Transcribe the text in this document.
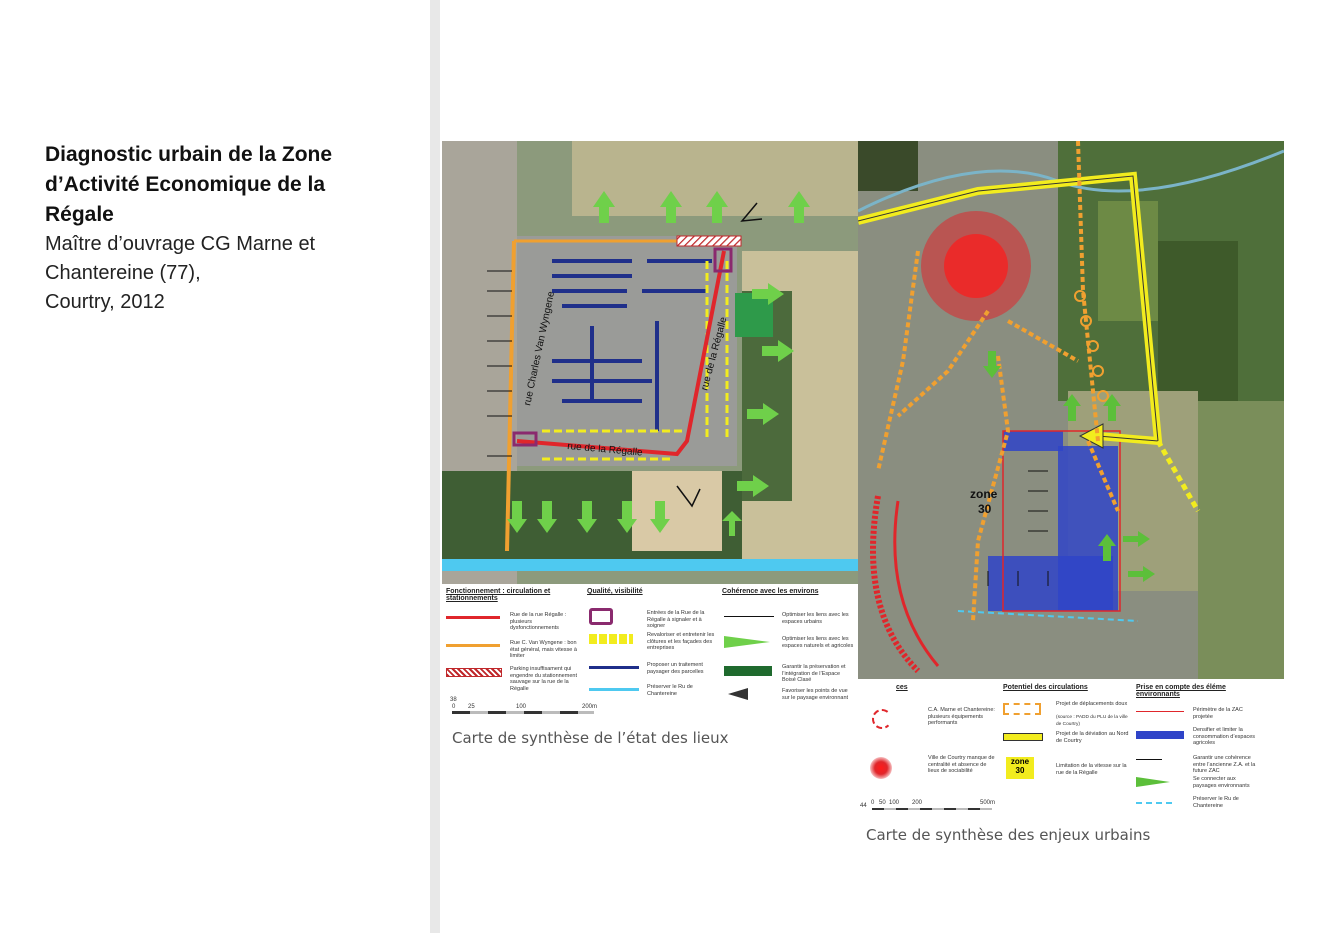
Diagnostic urbain de la Zone
d’Activité Economique de la
Régale
Maître d’ouvrage CG Marne et
Chantereine (77),
Courtry, 2012
rue de la Régalle
rue de la Régalle
rue Charles Van Wyngene
Fonctionnement : circulation et stationnements
Qualité, visibilité	Cohérence avec les environs
Rue de la rue Régalle : plusieurs dysfonctionnements
Rue C. Van Wyngene : bon état général, mais vitesse à limiter
Parking insuffisament qui engendre du stationnement sauvage sur la rue de la Régalle
Entrées de la Rue de la Régalle à signaler et à soigner
Revaloriser et entretenir les clôtures et les façades des entreprises
Proposer un traitement paysager des parcelles
Préserver le Ru de Chantereine
Optimiser les liens avec les espaces urbains
Optimiser les liens avec les espaces naturels et agricoles
Garantir la préservation et l’intégration de l’Espace Boisé Clasé
Favoriser les points de vue sur le paysage environnant
38
0 25	100	200m
Carte de synthèse de l’état des lieux
zone
30
ces	Potentiel des circulations	Prise en compte des éléme environnants
C.A. Marne et Chantereine: plusieurs équipements performants
Ville de Courtry manque de centralité et absence de lieux de sociabilité
Projet de déplacements doux
(source : PADD du PLU de la ville de Courtry)
Projet de la déviation au Nord de Courtry
zone
30	Limitation de la vitesse sur la rue de la Régalle
Périmètre de la ZAC projetée
Densifier et limiter la consommation d’espaces agricoles
Garantir une cohérence entre l’ancienne Z.A. et la future ZAC
Se connecter aux paysages environnants
Préserver le Ru de Chantereine
44 0 50 100 200	500m
Carte de synthèse des enjeux urbains
